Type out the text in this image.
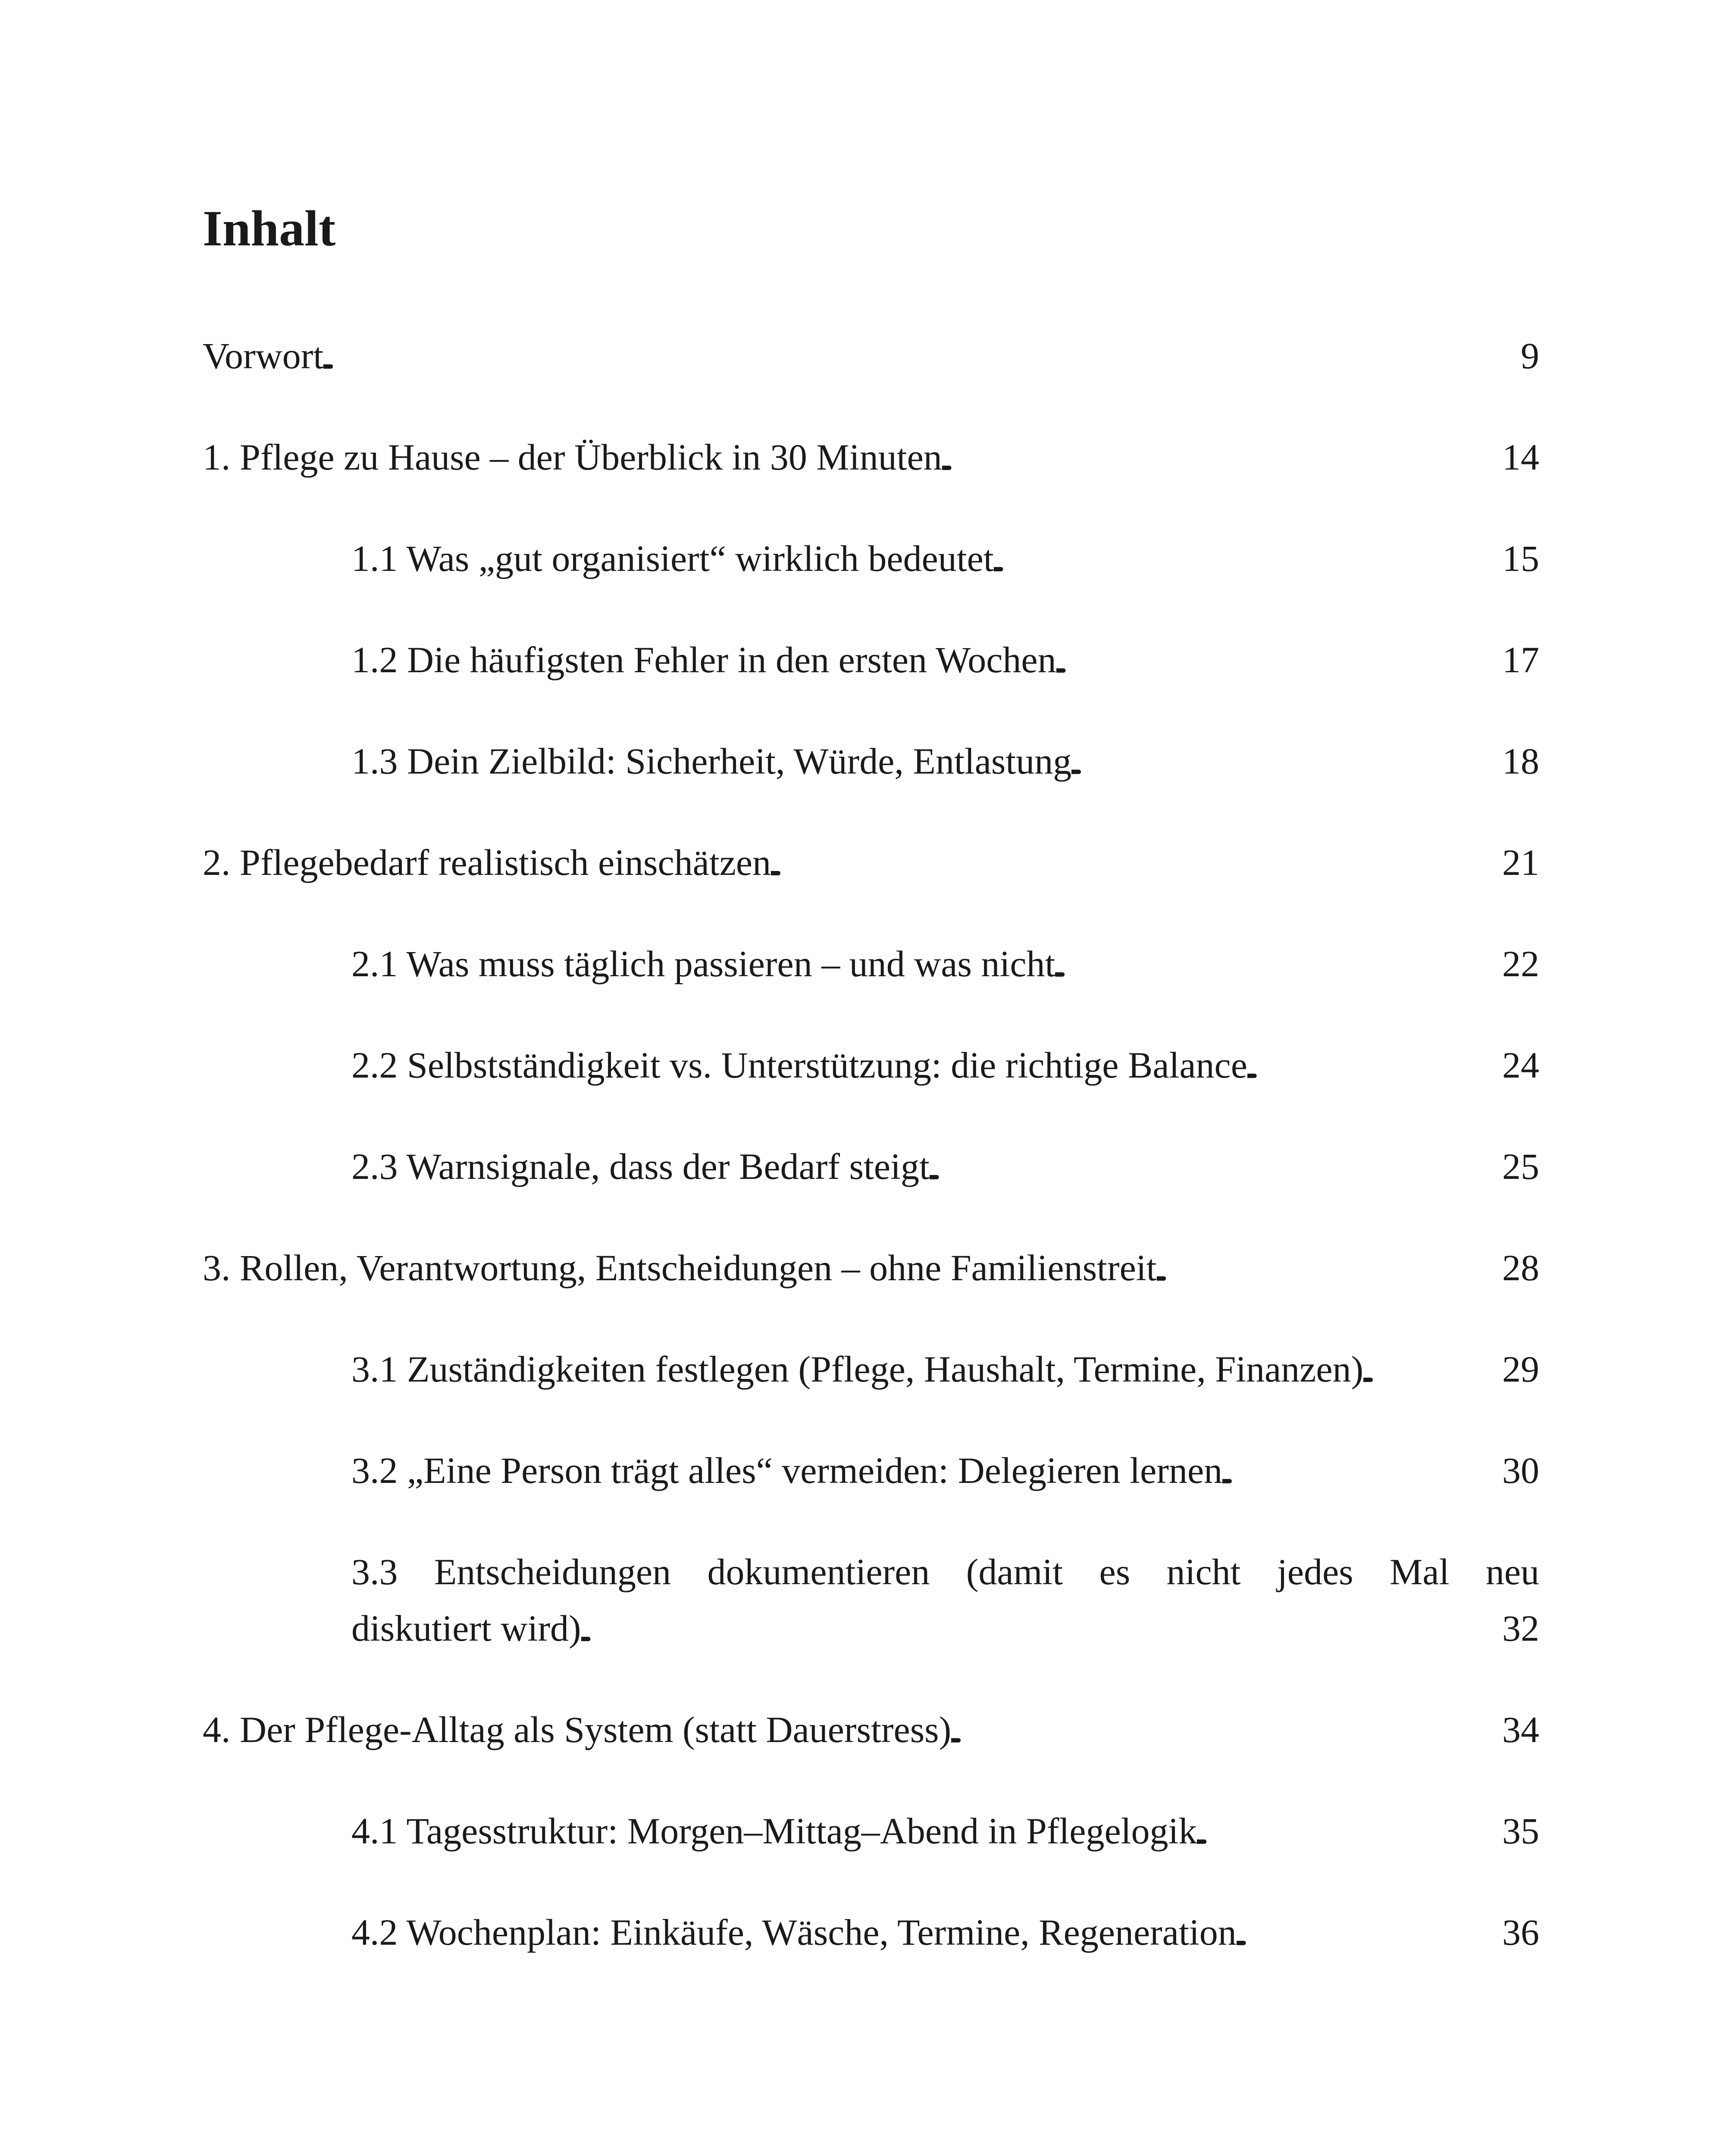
Inhalt
Vorwort . . .	9
1. Pflege zu Hause – der Überblick in 30 Minuten . . .	14
1.1 Was „gut organisiert“ wirklich bedeutet . . .	15
1.2 Die häufigsten Fehler in den ersten Wochen . . .	17
1.3 Dein Zielbild: Sicherheit, Würde, Entlastung . . .	18
2. Pflegebedarf realistisch einschätzen . . .	21
2.1 Was muss täglich passieren – und was nicht . . .	22
2.2 Selbstständigkeit vs. Unterstützung: die richtige Balance . . .	24
2.3 Warnsignale, dass der Bedarf steigt . . .	25
3. Rollen, Verantwortung, Entscheidungen – ohne Familienstreit . . .	28
3.1 Zuständigkeiten festlegen (Pflege, Haushalt, Termine, Finanzen) . . .	29
3.2 „Eine Person trägt alles“ vermeiden: Delegieren lernen . . .	30
3.3 Entscheidungen dokumentieren (damit es nicht jedes Mal neu
diskutiert wird) . . .	32
4. Der Pflege-Alltag als System (statt Dauerstress) . . .	34
4.1 Tagesstruktur: Morgen–Mittag–Abend in Pflegelogik . . .	35
4.2 Wochenplan: Einkäufe, Wäsche, Termine, Regeneration . . .	36
